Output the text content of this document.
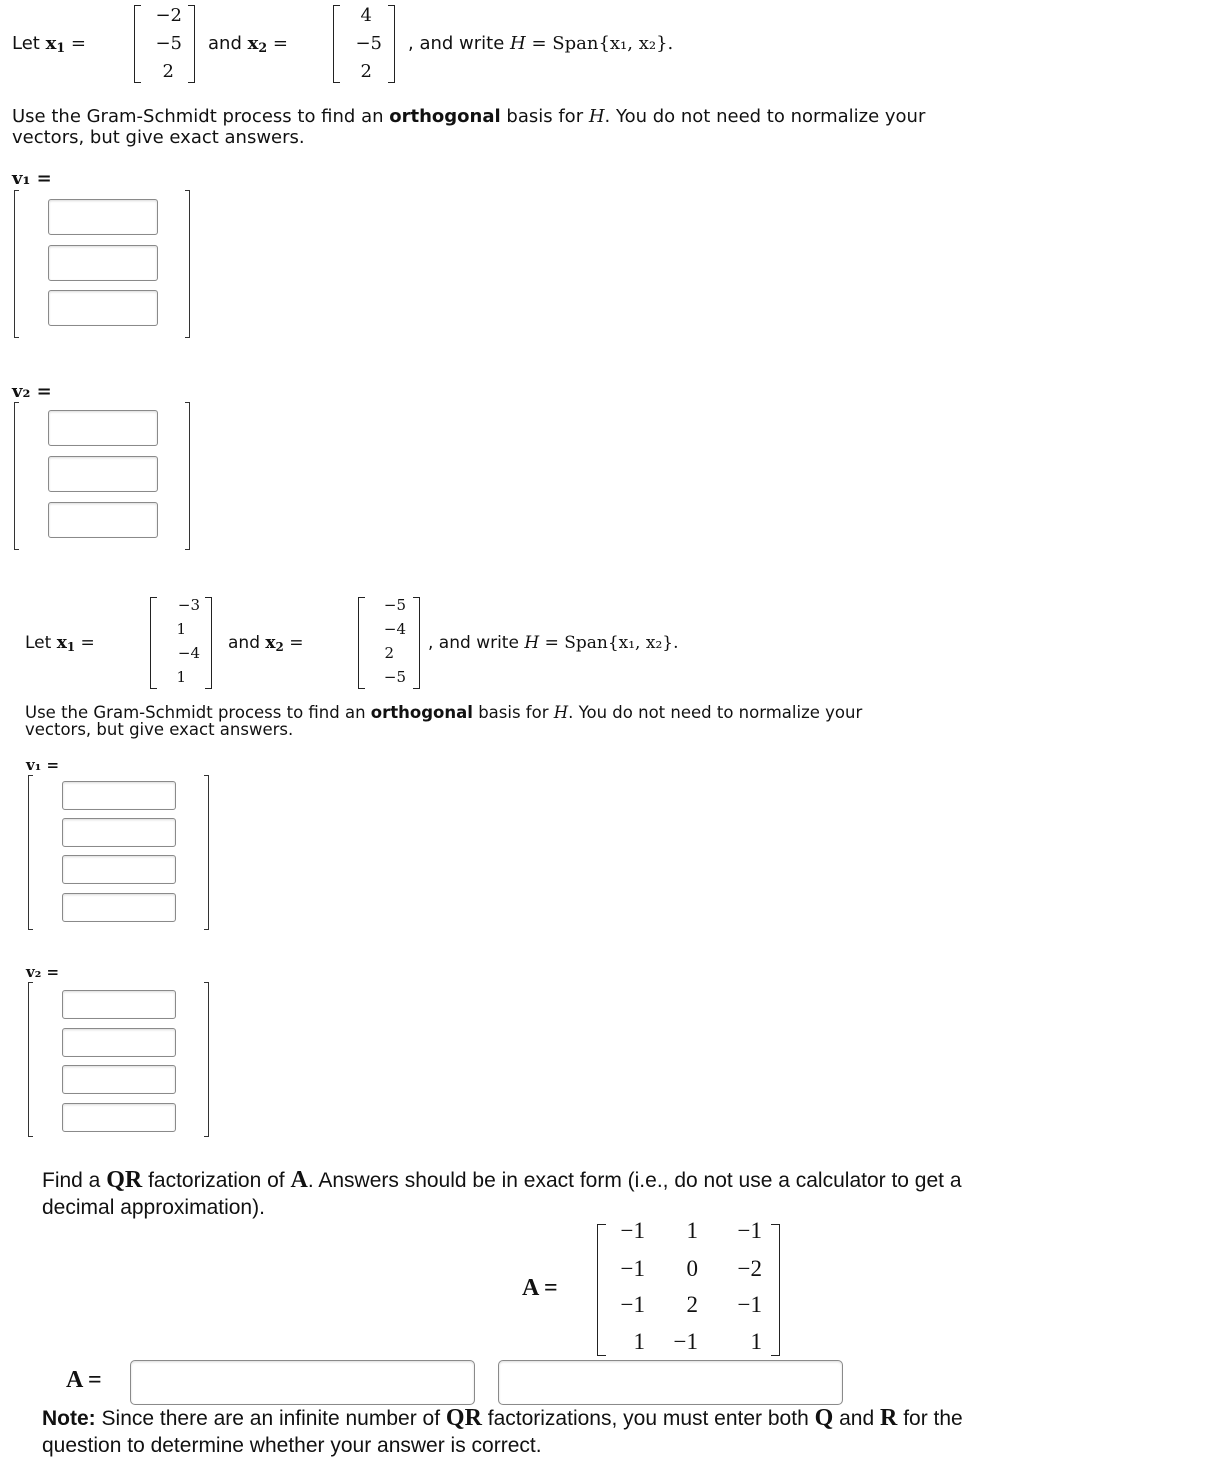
Let $x_1$ =
−2
−5
2
and $x_2$ =
4
−5
2
, and write H = Span{x₁, x₂}.
Use the Gram-Schmidt process to find an orthogonal basis for H. You do not need to normalize your
vectors, but give exact answers.
v₁ =
v₂ =
Let $x_1$ =
−3
1
−4
1
and $x_2$ =
−5
−4
2
−5
, and write H = Span{x₁, x₂}.
Use the Gram-Schmidt process to find an orthogonal basis for H. You do not need to normalize your
vectors, but give exact answers.
v₁ =
v₂ =
Find a QR factorization of A. Answers should be in exact form (i.e., do not use a calculator to get a
decimal approximation).
A =
−1	1	−1
−1	0	−2
−1	2	−1
1	−1	1
A =
Note: Since there are an infinite number of QR factorizations, you must enter both Q and R for the
question to determine whether your answer is correct.
